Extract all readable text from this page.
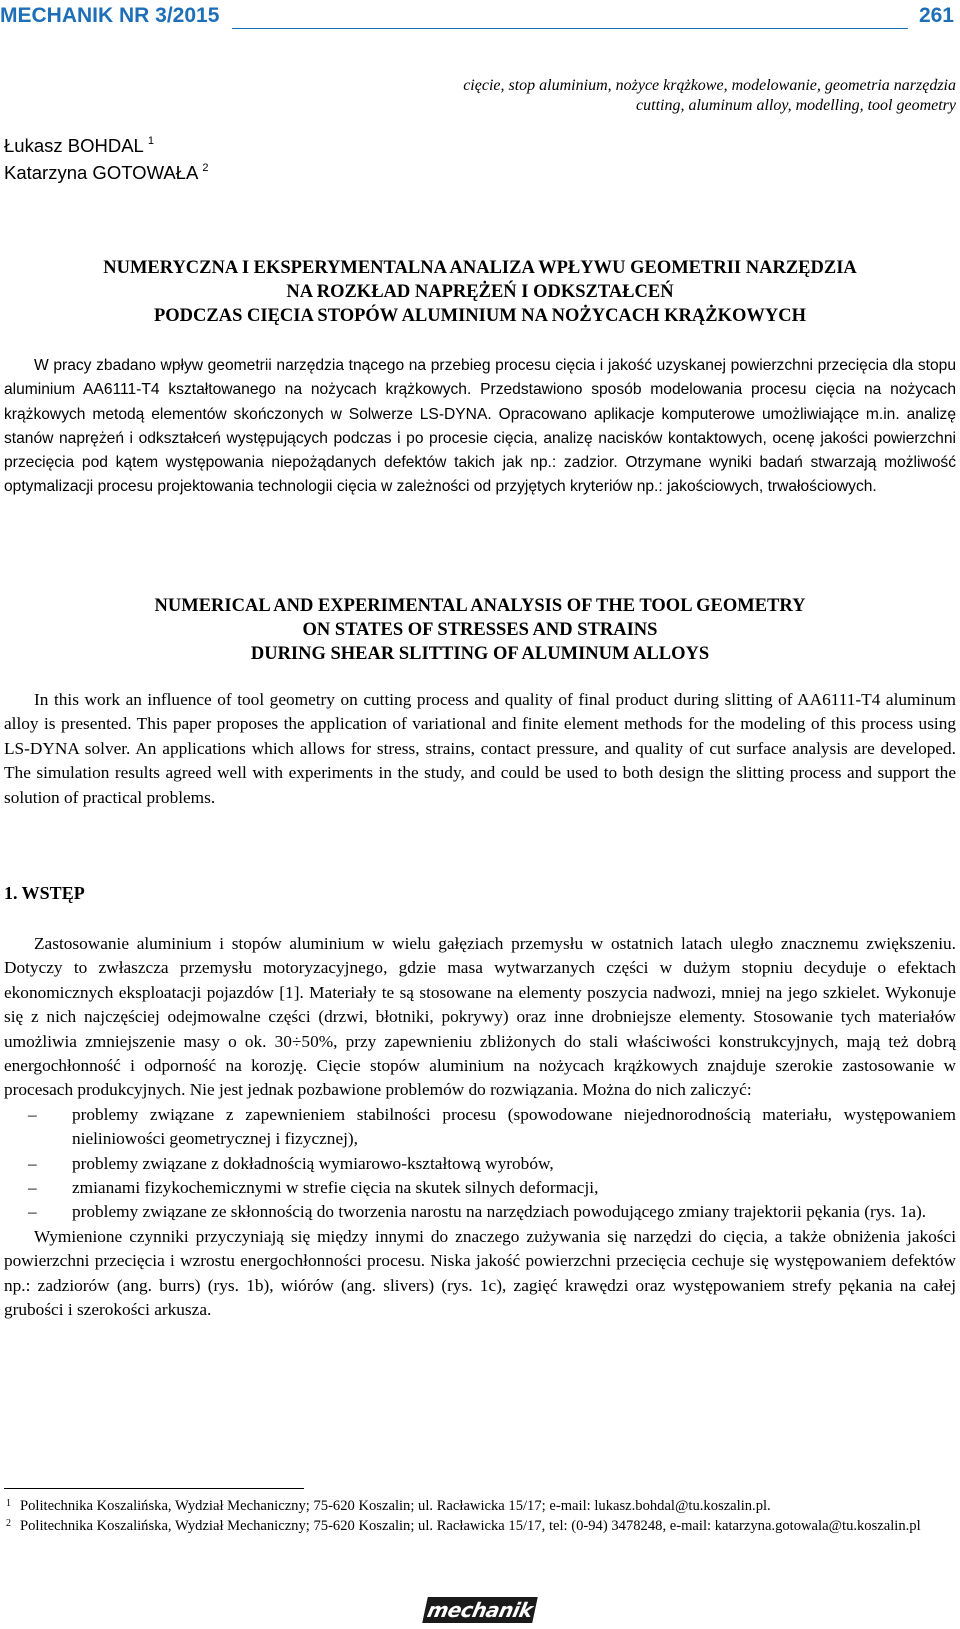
MECHANIK NR 3/2015	261
cięcie, stop aluminium, nożyce krążkowe, modelowanie, geometria narzędzia
cutting, aluminum alloy, modelling, tool geometry
Łukasz BOHDAL $^1$
Katarzyna GOTOWAŁA $^2$
NUMERYCZNA I EKSPERYMENTALNA ANALIZA WPŁYWU GEOMETRII NARZĘDZIA
NA ROZKŁAD NAPRĘŻEŃ I ODKSZTAŁCEŃ
PODCZAS CIĘCIA STOPÓW ALUMINIUM NA NOŻYCACH KRĄŻKOWYCH

W pracy zbadano wpływ geometrii narzędzia tnącego na przebieg procesu cięcia i jakość uzyskanej powierzchni przecięcia dla stopu aluminium AA6111-T4 kształtowanego na nożycach krążkowych. Przedstawiono sposób modelowania procesu cięcia na nożycach krążkowych metodą elementów skończonych w Solwerze LS-DYNA. Opracowano aplikacje komputerowe umożliwiające m.in. analizę stanów naprężeń i odkształceń występujących podczas i po procesie cięcia, analizę nacisków kontaktowych, ocenę jakości powierzchni przecięcia pod kątem występowania niepożądanych defektów takich jak np.: zadzior. Otrzymane wyniki badań stwarzają możliwość optymalizacji procesu projektowania technologii cięcia w zależności od przyjętych kryteriów np.: jakościowych, trwałościowych.

NUMERICAL AND EXPERIMENTAL ANALYSIS OF THE TOOL GEOMETRY
ON STATES OF STRESSES AND STRAINS
DURING SHEAR SLITTING OF ALUMINUM ALLOYS

In this work an influence of tool geometry on cutting process and quality of final product during slitting of AA6111-T4 aluminum alloy is presented. This paper proposes the application of variational and finite element methods for the modeling of this process using LS-DYNA solver. An applications which allows for stress, strains, contact pressure, and quality of cut surface analysis are developed. The simulation results agreed well with experiments in the study, and could be used to both design the slitting process and support the solution of practical problems.

1. WSTĘP

Zastosowanie aluminium i stopów aluminium w wielu gałęziach przemysłu w ostatnich latach uległo znacznemu zwiększeniu. Dotyczy to zwłaszcza przemysłu motoryzacyjnego, gdzie masa wytwarzanych części w dużym stopniu decyduje o efektach ekonomicznych eksploatacji pojazdów [1]. Materiały te są stosowane na elementy poszycia nadwozi, mniej na jego szkielet. Wykonuje się z nich najczęściej odejmowalne części (drzwi, błotniki, pokrywy) oraz inne drobniejsze elementy. Stosowanie tych materiałów umożliwia zmniejszenie masy o ok. 30÷50%, przy zapewnieniu zbliżonych do stali właściwości konstrukcyjnych, mają też dobrą energochłonność i odporność na korozję. Cięcie stopów aluminium na nożycach krążkowych znajduje szerokie zastosowanie w procesach produkcyjnych. Nie jest jednak pozbawione problemów do rozwiązania. Można do nich zaliczyć:

– problemy związane z zapewnieniem stabilności procesu (spowodowane niejednorodnością materiału, występowaniem nieliniowości geometrycznej i fizycznej),
– problemy związane z dokładnością wymiarowo-kształtową wyrobów,
– zmianami fizykochemicznymi w strefie cięcia na skutek silnych deformacji,
– problemy związane ze skłonnością do tworzenia narostu na narzędziach powodującego zmiany trajektorii pękania (rys. 1a).

Wymienione czynniki przyczyniają się między innymi do znaczego zużywania się narzędzi do cięcia, a także obniżenia jakości powierzchni przecięcia i wzrostu energochłonności procesu. Niska jakość powierzchni przecięcia cechuje się występowaniem defektów np.: zadziorów (ang. burrs) (rys. 1b), wiórów (ang. slivers) (rys. 1c), zagięć krawędzi oraz występowaniem strefy pękania na całej grubości i szerokości arkusza.

1 Politechnika Koszalińska, Wydział Mechaniczny; 75-620 Koszalin; ul. Racławicka 15/17; e-mail: lukasz.bohdal@tu.koszalin.pl.
2 Politechnika Koszalińska, Wydział Mechaniczny; 75-620 Koszalin; ul. Racławicka 15/17, tel: (0-94) 3478248, e-mail: katarzyna.gotowala@tu.koszalin.pl
mechanik
